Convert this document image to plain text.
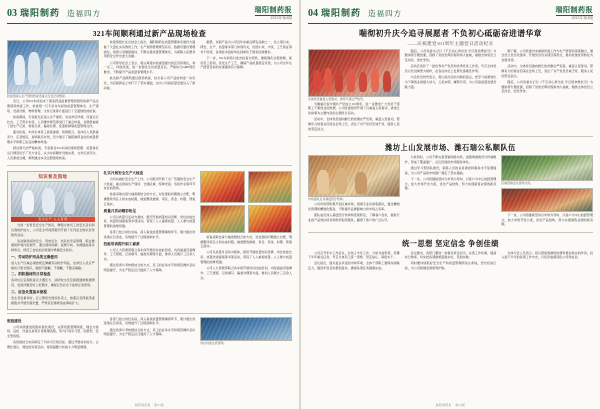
03 瑞阳制药 造福四方	瑞阳制药报
2023年第4期
321车间顺利通过新产品现场检查
检查组深入生产现场核查设备运行及记录情况。

近日，公司321车间迎来了国家药品监督管理局组织的新产品注册现场核查工作，检查组一行专家对车间的质量管理体系、生产现场、设备设施、物料管理、文件记录等方面进行了全面细致的检查。

检查期间，专家组先后深入生产现场，对洁净区环境、设备运行状态、工艺用水系统、人员操作规范等进行了重点核查，并随机抽查了批生产记录、检验记录、偏差处理、变更控制等质量管理文件。

面对检查，车间全体员工高度重视、积极配合，各岗位人员准备充分、应答规范，现场秩序井然，充分展示了瑞阳制药良好的质量管理水平和职工队伍的精神风貌。

经过两天的严格检查，专家组对321车间的现场管理、质量体系运行情况给予了充分肯定，认为车间硬件设施完善、文件记录齐全、人员素质过硬，顺利通过本次注册现场核查。

检查组组长在总结会上指出，瑞阳制药在质量管理体系建设方面做了大量扎实有效的工作，生产现场管理规范有序，数据可靠性管理到位，希望公司继续保持，不断完善质量管理体系，为保障人民群众用药安全作出更大贡献。

公司领导在会上表示，将认真落实检查组提出的意见和建议，举一反三，持续改进，进一步强化全员质量意识，严格执行GMP规范要求，不断提升产品质量和管理水平。

此次新产品顺利通过现场核查，标志着公司产品结构进一步优化，为后续新品上市打下了坚实基础，也为公司高质量发展注入了新动能。

据悉，该新产品为公司近年来重点研发品种之一，自立项以来，研发、生产、质量等多部门协同攻关，历经小试、中试、工艺验证等多个阶段，各项技术指标均达到或优于国家标准要求。

下一步，321车间将以此次检查为契机，继续强化过程控制，抓好员工培训，优化生产工艺，确保产品质量稳定可控，为公司全年生产经营目标的实现提供有力保障。

知识普及园地
安全生产 人人有责

为进一步普及安全生产知识，增强全体员工的安全意识和自我防护能力，公司安全环保部组织开展了系列安全知识宣传教育活动。

活动围绕消防安全、用电安全、危险化学品管理、职业健康防护等内容展开，通过现场讲解、案例分析、实操演练等多种形式，使员工在轻松的氛围中掌握安全知识。

一、劳动防护用品的正确使用

进入生产区域必须按规定佩戴劳动防护用品，洁净区人员应严格执行更衣程序，做到不漏戴、不错戴、不随意摘除。

二、消防器材的日常检查

各岗位应定期检查灭火器压力、消防栓水压及疏散通道畅通情况，发现问题及时上报整改，确保应急状态下能够正常使用。

三、应急处置基本流程

发生突发事件时，应立即报告现场负责人，按照应急预案迅速疏散并开展先期处置，严禁盲目施救造成事故扩大。

扎实开展安全生产大检查

为切实做好安全生产工作，公司组织开展了全厂范围的安全生产大检查，重点排查生产现场、仓储区域、特种设备、危险作业等环节存在的隐患。

检查采取自查与抽查相结合的方式，对发现的问题建立台账，明确整改责任人和完成时限，做到整改措施、责任、资金、时限、预案五落实。

质量月活动精彩纷呈

公司以质量月活动为载体，组织开展质量知识竞赛、岗位技能比武、质量改进提案等多项活动，营造了人人重视质量、人人参与质量管理的浓厚氛围。

各部门结合岗位实际，深入查找质量管理薄弱环节，累计提出改进建议百余条，有效提升了过程控制水平。

技能培训提升职工素质

公司人力资源部联合各车间开展岗位技能培训，内容涵盖设备操作、工艺规程、记录填写、偏差处理等方面，参训人员累计三百余人次。

通过培训与考核相结合的方式，员工的业务水平和规范操作意识明显提升，为生产稳定运行提供了人才保障。

检查采取自查与抽查相结合的方式，对发现的问题建立台账，明确整改责任人和完成时限，做到整改措施、责任、资金、时限、预案五落实。

公司以质量月活动为载体，组织开展质量知识竞赛、岗位技能比武、质量改进提案等多项活动，营造了人人重视质量、人人参与质量管理的浓厚氛围。

公司人力资源部联合各车间开展岗位技能培训，内容涵盖设备操作、工艺规程、记录填写、偏差处理等方面，参训人员累计三百余人次。

班组建设

公司持续推进班组标准化建设，完善班组管理制度，健全交接班、巡检、设备点检等日常管理流程，努力打造学习型、创新型、安全型班组。

各班组结合实际制定了切实可行的目标，通过开展技术练兵、合理化建议、师徒结对等活动，班组凝聚力和战斗力明显增强。

各部门结合岗位实际，深入查找质量管理薄弱环节，累计提出改进建议百余条，有效提升了过程控制水平。

通过培训与考核相结合的方式，员工的业务水平和规范操作意识明显提升，为生产稳定运行提供了人才保障。

岗位技能比武现场。
瑞阳制药报 · 第03版
04 瑞阳制药 造福四方	瑞阳制药报
2023年第4期
喘彻初升庆今追寻展愿者 不负初心砥砺奋进谱华章
——庆祝建党101周年主题党日活动纪实
全体党员重温入党誓词，现场气氛庄严热烈。

为隆重庆祝中国共产党成立101周年，进一步激发广大党员干部职工干事创业的热情，公司党委组织开展了以重温入党誓词、讲述红色故事为主要内容的主题党日活动。

活动中，全体党员面向鲜红的党旗庄严宣誓，重温入党誓词，铿锵有力的誓言回荡在会场上空，表达了共产党员忠诚于党、服务人民的坚定信念。

随后，公司党委书记以《不忘初心再出发 牢记使命勇担当》为题讲授专题党课，回顾了党的光辉历程和伟大成就，勉励全体党员立足岗位、创先争优。

活动还表彰了一批优秀共产党员和优秀党务工作者，号召全体党员以先进典型为榜样，在各自岗位上发挥先锋模范作用。

与会党员纷纷表示，将以此次活动为新的起点，把学习成果转化为干事创业的强大动力，立足本职、履职尽责，为公司高质量发展贡献力量。

据了解，公司党委历来重视党建工作与生产经营的深度融合，通过设立党员先锋岗、开展党员攻关项目等形式，推动党建优势转化为发展优势。

活动中，全体党员面向鲜红的党旗庄严宣誓，重温入党誓词，铿锵有力的誓言回荡在会场上空，表达了共产党员忠诚于党、服务人民的坚定信念。

随后，公司党委书记以《不忘初心再出发 牢记使命勇担当》为题讲授专题党课，回顾了党的光辉历程和伟大成就，勉励全体党员立足岗位、创先争优。

潍坊上山发展市场、潍石瑞公私顺队伍
市场团队走访基层医疗机构。

公司市场部积极开拓区域市场，组建专业化销售团队，通过精细化管理和精准化服务，不断提升品牌影响力和市场占有率。

团队成员深入基层医疗机构和连锁药店，了解客户需求，提供专业的产品知识培训和用药指导服务，赢得了客户的广泛认可。

与此同时，公司不断完善营销网络布局，加强渠道建设与终端维护，形成了覆盖面广、反应迅速的市场服务体系。

通过学习型团队建设，销售人员的业务素质和服务水平显著提高，为公司产品的市场推广奠定了坚实基础。

下一步，公司将继续坚持以市场为导向、以客户为中心的经营理念，加大市场开发力度，优化产品结构，努力实现销售业绩的新突破。

区域营销会议现场交流。

下一步，公司将继续坚持以市场为导向、以客户为中心的经营理念，加大市场开发力度，优化产品结构，努力实现销售业绩的新突破。

统一思想 坚定信念 争创佳绩

公司召开年中工作会议，总结上半年工作，分析当前形势，部署下半年重点任务，号召全体员工统一思想、坚定信心、真抓实干。

会议指出，面对复杂多变的市场环境，全体干部职工要保持战略定力，围绕年度目标狠抓落实，确保各项任务圆满完成。

会议要求，各部门要进一步强化责任担当，完善工作机制，提高执行效率，切实把各项措施落到实处、见到实效。

同时要持续抓好安全生产和质量管理两条生命线，坚守底线红线，为公司稳健发展保驾护航。

全体与会人员表示，将以更加饱满的热情和更加务实的作风，投入到下半年的各项工作中去，以优异成绩回报公司和社会。

瑞阳制药报 · 第04版
